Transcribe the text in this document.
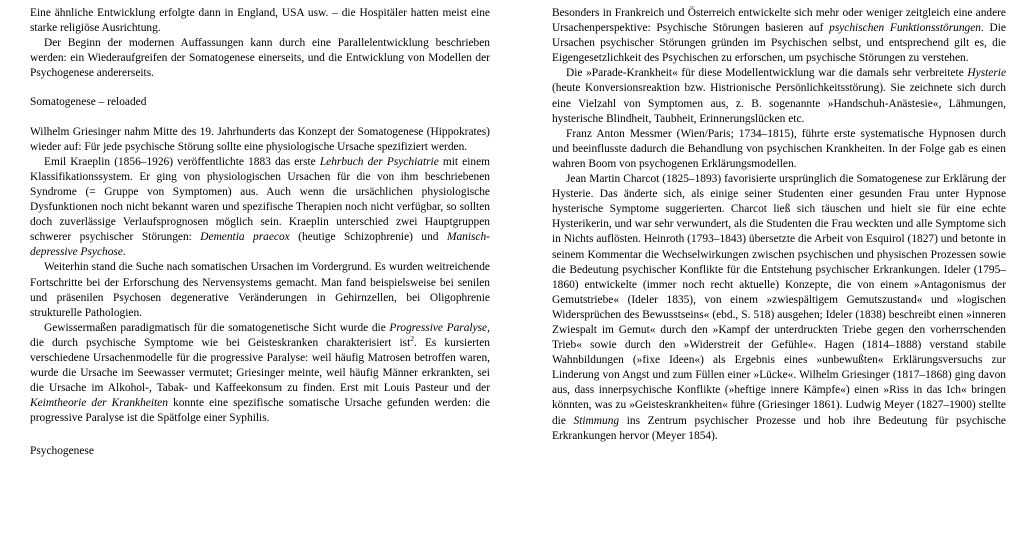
Eine ähnliche Entwicklung erfolgte dann in England, USA usw. – die Hospitäler hatten meist eine starke religiöse Ausrichtung.

Der Beginn der modernen Auffassungen kann durch eine Parallelentwicklung beschrieben werden: ein Wiederaufgreifen der Somatogenese einerseits, und die Entwicklung von Modellen der Psychogenese andererseits.

Somatogenese – reloaded

Wilhelm Griesinger nahm Mitte des 19. Jahrhunderts das Konzept der Somatogenese (Hippokrates) wieder auf: Für jede psychische Störung sollte eine physiologische Ursache spezifiziert werden.

Emil Kraeplin (1856–1926) veröffentlichte 1883 das erste Lehrbuch der Psychiatrie mit einem Klassifikationssystem. Er ging von physiologischen Ursachen für die von ihm beschriebenen Syndrome (= Gruppe von Symptomen) aus. Auch wenn die ursächlichen physiologische Dysfunktionen noch nicht bekannt waren und spezifische Therapien noch nicht verfügbar, so sollten doch zuverlässige Verlaufsprognosen möglich sein. Kraeplin unterschied zwei Hauptgruppen schwerer psychischer Störungen: Dementia praecox (heutige Schizophrenie) und Manisch-depressive Psychose.

Weiterhin stand die Suche nach somatischen Ursachen im Vordergrund. Es wurden weitreichende Fortschritte bei der Erforschung des Nervensystems gemacht. Man fand beispielsweise bei senilen und präsenilen Psychosen degenerative Veränderungen in Gehirnzellen, bei Oligophrenie strukturelle Pathologien.

Gewissermaßen paradigmatisch für die somatogenetische Sicht wurde die Progressive Paralyse, die durch psychische Symptome wie bei Geisteskranken charakterisiert ist$^2$. Es kursierten verschiedene Ursachenmodelle für die progressive Paralyse: weil häufig Matrosen betroffen waren, wurde die Ursache im Seewasser vermutet; Griesinger meinte, weil häufig Männer erkrankten, sei die Ursache im Alkohol-, Tabak- und Kaffeekonsum zu finden. Erst mit Louis Pasteur und der Keimtheorie der Krankheiten konnte eine spezifische somatische Ursache gefunden werden: die progressive Paralyse ist die Spätfolge einer Syphilis.

Psychogenese

Besonders in Frankreich und Österreich entwickelte sich mehr oder weniger zeitgleich eine andere Ursachenperspektive: Psychische Störungen basieren auf psychischen Funktionsstörungen. Die Ursachen psychischer Störungen gründen im Psychischen selbst, und entsprechend gilt es, die Eigengesetzlichkeit des Psychischen zu erforschen, um psychische Störungen zu verstehen.

Die »Parade-Krankheit« für diese Modellentwicklung war die damals sehr verbreitete Hysterie (heute Konversionsreaktion bzw. Histrionische Persönlichkeitsstörung). Sie zeichnete sich durch eine Vielzahl von Symptomen aus, z. B. sogenannte »Handschuh-Anästesie«, Lähmungen, hysterische Blindheit, Taubheit, Erinnerungslücken etc.

Franz Anton Messmer (Wien/Paris; 1734–1815), führte erste systematische Hypnosen durch und beeinflusste dadurch die Behandlung von psychischen Krankheiten. In der Folge gab es einen wahren Boom von psychogenen Erklärungsmodellen.

Jean Martin Charcot (1825–1893) favorisierte ursprünglich die Somatogenese zur Erklärung der Hysterie. Das änderte sich, als einige seiner Studenten einer gesunden Frau unter Hypnose hysterische Symptome suggerierten. Charcot ließ sich täuschen und hielt sie für eine echte Hysterikerin, und war sehr verwundert, als die Studenten die Frau weckten und alle Symptome sich in Nichts auflösten. Heinroth (1793–1843) übersetzte die Arbeit von Esquirol (1827) und betonte in seinem Kommentar die Wechselwirkungen zwischen psychischen und physischen Prozessen sowie die Bedeutung psychischer Konflikte für die Entstehung psychischer Erkrankungen. Ideler (1795–1860) entwickelte (immer noch recht aktuelle) Konzepte, die von einem »Antagonismus der Gemutstriebe« (Ideler 1835), von einem »zwiespältigem Gemutszustand« und »logischen Widersprüchen des Bewusstseins« (ebd., S. 518) ausgehen; Ideler (1838) beschreibt einen »inneren Zwiespalt im Gemut« durch den »Kampf der unterdruckten Triebe gegen den vorherrschenden Trieb« sowie durch den »Widerstreit der Gefühle«. Hagen (1814–1888) verstand stabile Wahnbildungen (»fixe Ideen«) als Ergebnis eines »unbewußten« Erklärungsversuchs zur Linderung von Angst und zum Füllen einer »Lücke«. Wilhelm Griesinger (1817–1868) ging davon aus, dass innerpsychische Konflikte (»heftige innere Kämpfe«) einen »Riss in das Ich« bringen könnten, was zu »Geisteskrankheiten« führe (Griesinger 1861). Ludwig Meyer (1827–1900) stellte die Stimmung ins Zentrum psychischer Prozesse und hob ihre Bedeutung für psychische Erkrankungen hervor (Meyer 1854).
